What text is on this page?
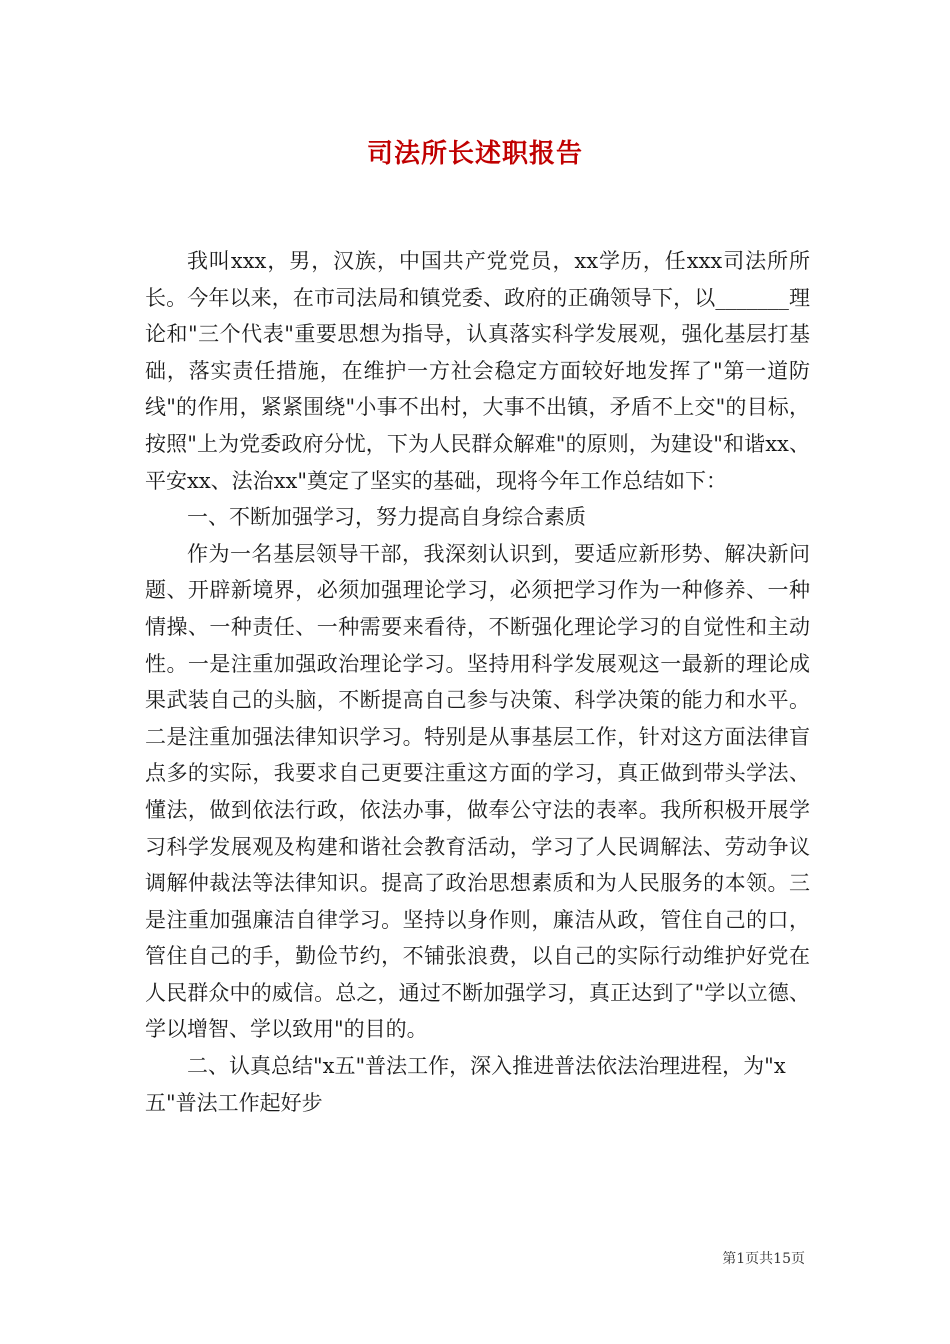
司法所长述职报告

我叫xxx，男，汉族，中国共产党党员，xx学历，任xxx司法所所长。今年以来，在市司法局和镇党委、政府的正确领导下，以_______理论和"三个代表"重要思想为指导，认真落实科学发展观，强化基层打基础，落实责任措施，在维护一方社会稳定方面较好地发挥了"第一道防线"的作用，紧紧围绕"小事不出村，大事不出镇，矛盾不上交"的目标，按照"上为党委政府分忧，下为人民群众解难"的原则，为建设"和谐xx、平安xx、法治xx"奠定了坚实的基础，现将今年工作总结如下：

一、不断加强学习，努力提高自身综合素质

作为一名基层领导干部，我深刻认识到，要适应新形势、解决新问题、开辟新境界，必须加强理论学习，必须把学习作为一种修养、一种情操、一种责任、一种需要来看待，不断强化理论学习的自觉性和主动性。一是注重加强政治理论学习。坚持用科学发展观这一最新的理论成果武装自己的头脑，不断提高自己参与决策、科学决策的能力和水平。二是注重加强法律知识学习。特别是从事基层工作，针对这方面法律盲点多的实际，我要求自己更要注重这方面的学习，真正做到带头学法、懂法，做到依法行政，依法办事，做奉公守法的表率。我所积极开展学习科学发展观及构建和谐社会教育活动，学习了人民调解法、劳动争议调解仲裁法等法律知识。提高了政治思想素质和为人民服务的本领。三是注重加强廉洁自律学习。坚持以身作则，廉洁从政，管住自己的口，管住自己的手，勤俭节约，不铺张浪费，以自己的实际行动维护好党在人民群众中的威信。总之，通过不断加强学习，真正达到了"学以立德、学以增智、学以致用"的目的。

二、认真总结"x五"普法工作，深入推进普法依法治理进程，为"x五"普法工作起好步

第1页共15页
